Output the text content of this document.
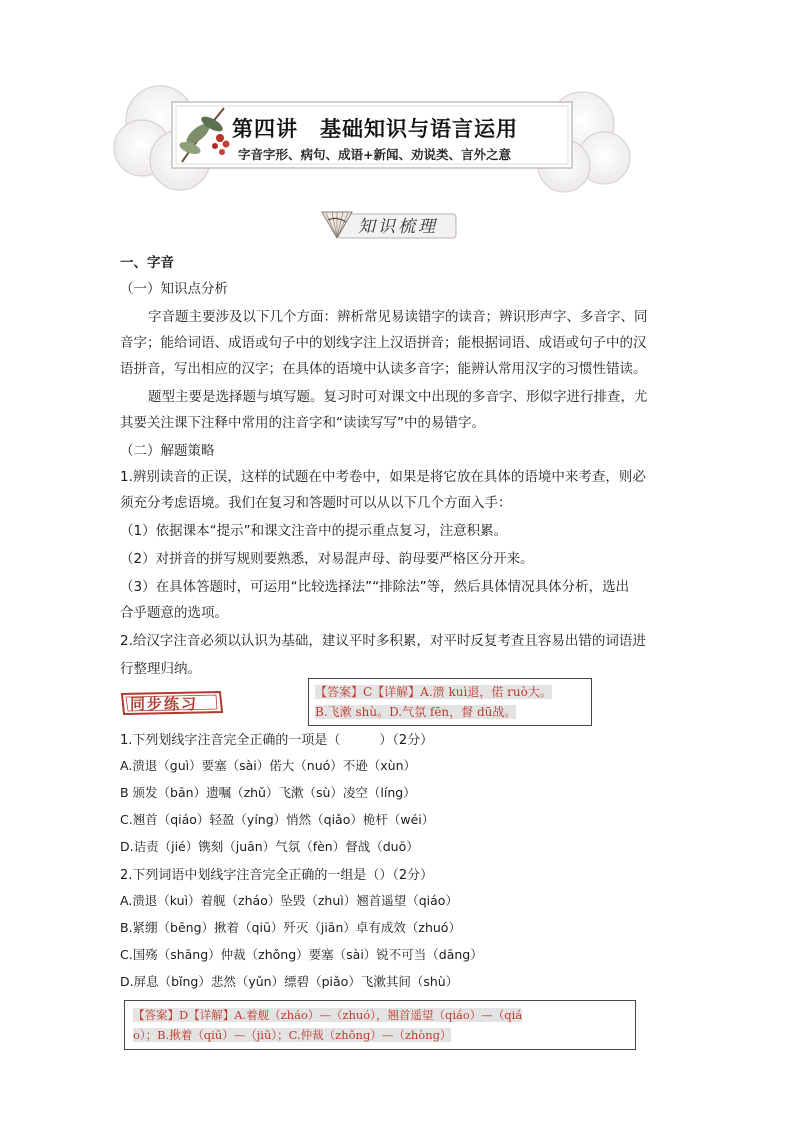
第四讲　基础知识与语言运用
字音字形、病句、成语+新闻、劝说类、言外之意
知识梳理
一、字音
（一）知识点分析
字音题主要涉及以下几个方面：辨析常见易读错字的读音；辨识形声字、多音字、同
音字；能给词语、成语或句子中的划线字注上汉语拼音；能根据词语、成语或句子中的汉
语拼音，写出相应的汉字；在具体的语境中认读多音字；能辨认常用汉字的习惯性错读。
题型主要是选择题与填写题。复习时可对课文中出现的多音字、形似字进行排查，尤
其要关注课下注释中常用的注音字和“读读写写”中的易错字。
（二）解题策略
1.辨别读音的正误，这样的试题在中考卷中，如果是将它放在具体的语境中来考查，则必
须充分考虑语境。我们在复习和答题时可以从以下几个方面入手：
（1）依据课本“提示”和课文注音中的提示重点复习，注意积累。
（2）对拼音的拼写规则要熟悉，对易混声母、韵母要严格区分开来。
（3）在具体答题时，可运用“比较选择法”“排除法”等，然后具体情况具体分析，选出
合乎题意的选项。
2.给汉字注音必须以认识为基础，建议平时多积累，对平时反复考查且容易出错的词语进
行整理归纳。
同步练习
【答案】C【详解】A.溃 kuì退，偌 ruò大。
B.飞漱 shù。D.气氛 fēn，督 dū战。
1.下列划线字注音完全正确的一项是（　　　）（2分）
A.溃退（guì）要塞（sài）偌大（nuó）不逊（xùn）
B 颁发（bān）遗嘱（zhǔ）飞漱（sù）凌空（líng）
C.翘首（qiáo）轻盈（yíng）悄然（qiǎo）桅杆（wéi）
D.诘责（jié）镌刻（juān）气氛（fèn）督战（duō）
2.下列词语中划线字注音完全正确的一组是（）（2分）
A.溃退（kuì）着舰（zháo）坠毁（zhuì）翘首遥望（qiáo）
B.紧绷（bēng）揪着（qiū）歼灭（jiān）卓有成效（zhuó）
C.国殇（shāng）仲裁（zhǒng）要塞（sài）锐不可当（dāng）
D.屏息（bǐng）悲然（yǔn）缥碧（piǎo）飞漱其间（shù）
【答案】D【详解】A.着舰（zháo）—（zhuó），翘首遥望（qiáo）—（qiá
o）；B.揪着（qiū）—（jiū）；C.仲裁（zhǒng）—（zhòng）
